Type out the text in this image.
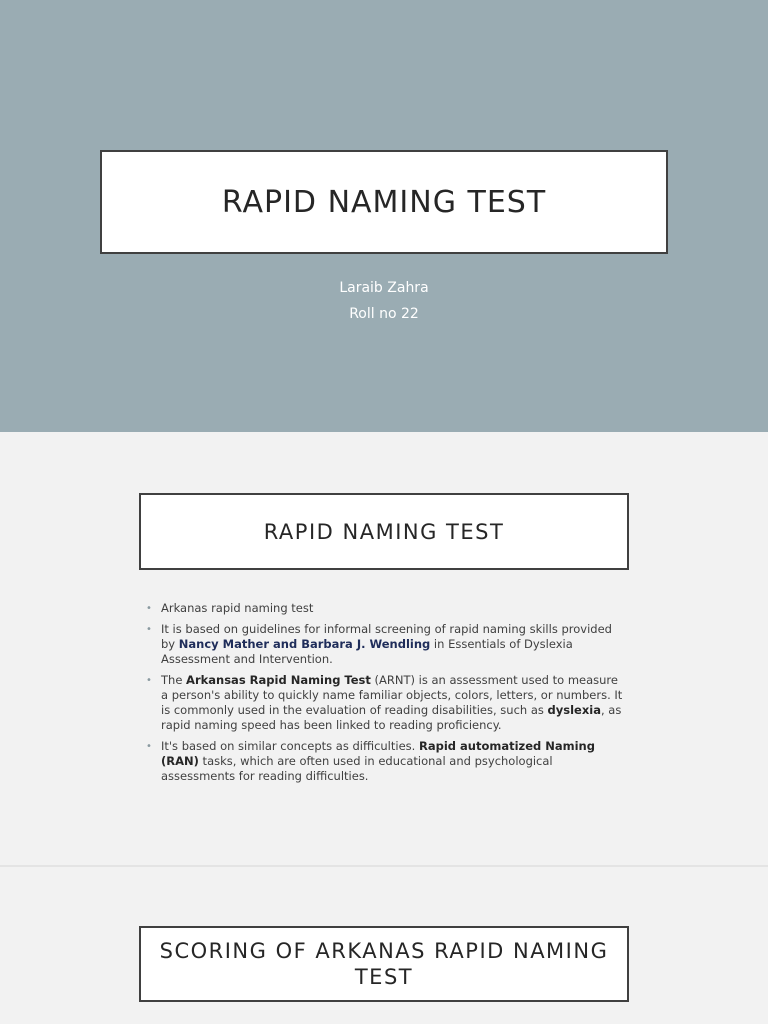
RAPID NAMING TEST
Laraib Zahra
Roll no 22
RAPID NAMING TEST
• Arkanas rapid naming test
• It is based on guidelines for informal screening of rapid naming skills provided by Nancy Mather and Barbara J. Wendling in Essentials of Dyslexia Assessment and Intervention.
• The Arkansas Rapid Naming Test (ARNT) is an assessment used to measure a person's ability to quickly name familiar objects, colors, letters, or numbers. It is commonly used in the evaluation of reading disabilities, such as dyslexia, as rapid naming speed has been linked to reading proficiency.
• It's based on similar concepts as difficulties. Rapid automatized Naming (RAN) tasks, which are often used in educational and psychological assessments for reading difficulties.
SCORING OF ARKANAS RAPID NAMING TEST
